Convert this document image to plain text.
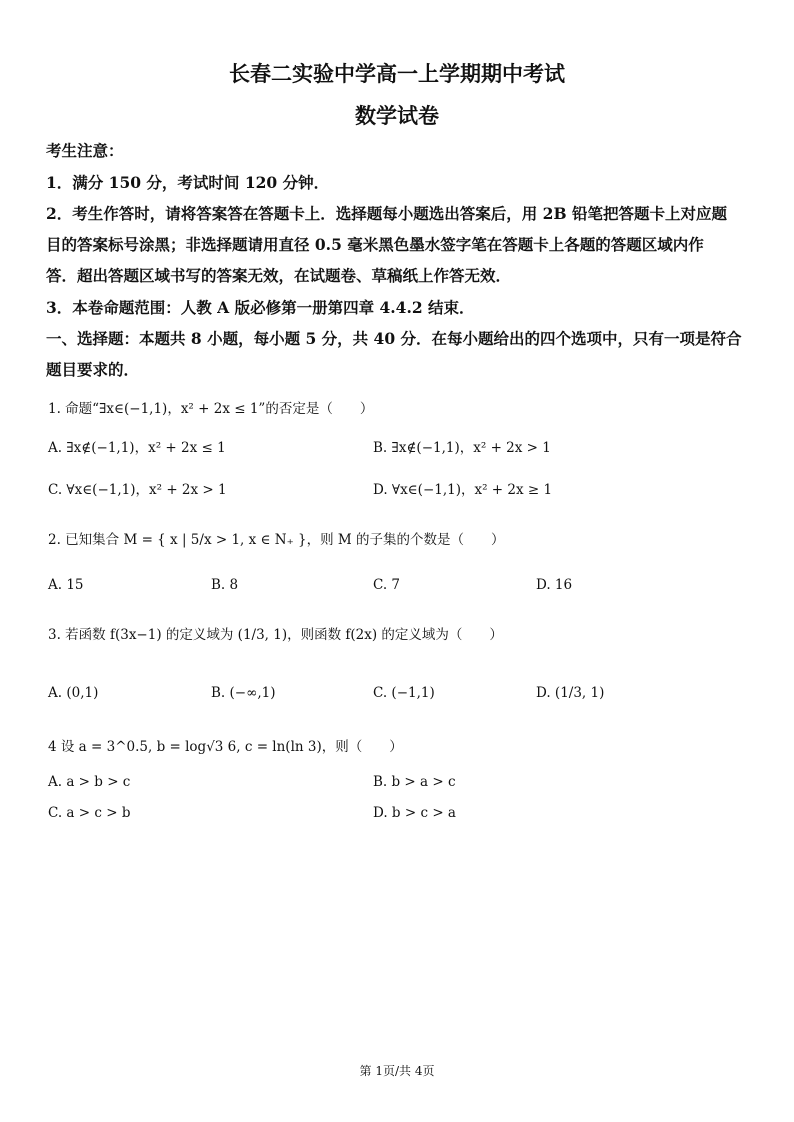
长春二实验中学高一上学期期中考试
数学试卷
考生注意：
1．满分 150 分，考试时间 120 分钟．
2．考生作答时，请将答案答在答题卡上．选择题每小题选出答案后，用 2B 铅笔把答题卡上对应题
目的答案标号涂黑；非选择题请用直径 0.5 毫米黑色墨水签字笔在答题卡上各题的答题区域内作
答．超出答题区域书写的答案无效，在试题卷、草稿纸上作答无效．
3．本卷命题范围：人教 A 版必修第一册第四章 4.4.2 结束．
一、选择题：本题共 8 小题，每小题 5 分，共 40 分．在每小题给出的四个选项中，只有一项是符合
题目要求的．
1. 命题“∃x∈(−1,1)，x² + 2x ≤ 1”的否定是（　　）
A. ∃x∉(−1,1)，x² + 2x ≤ 1	B. ∃x∉(−1,1)，x² + 2x > 1
C. ∀x∈(−1,1)，x² + 2x > 1	D. ∀x∈(−1,1)，x² + 2x ≥ 1
2. 已知集合 M = { x | 5/x > 1, x ∈ N₊ }，则 M 的子集的个数是（　　）
A. 15	B. 8	C. 7	D. 16
3. 若函数 f(3x−1) 的定义域为 (1/3, 1)，则函数 f(2x) 的定义域为（　　）
A. (0,1)	B. (−∞,1)	C. (−1,1)	D. (1/3, 1)
4 设 a = 3^0.5, b = log√3 6, c = ln(ln 3)，则（　　）
A. a > b > c	B. b > a > c
C. a > c > b	D. b > c > a
第 1页/共 4页
